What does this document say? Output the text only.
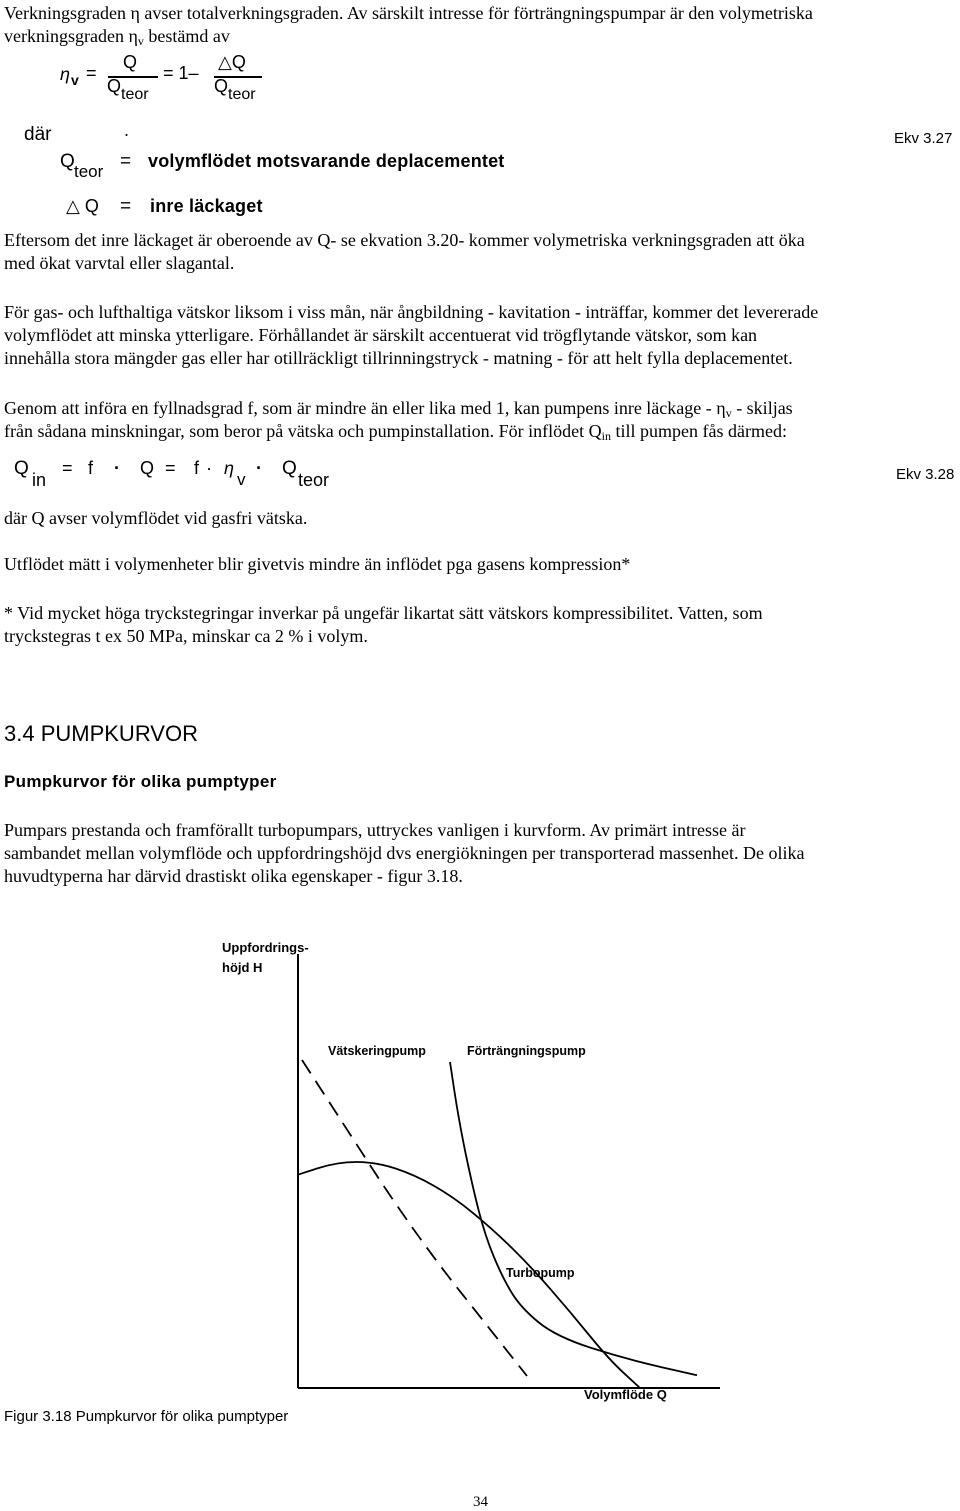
Verkningsgraden η avser totalverkningsgraden. Av särskilt intresse för förträngningspumpar är den volymetriska
verkningsgraden $\eta_v$ bestämd av
η v =
Q
Q teor
= 1–
△Q
Q teor
där	.	Ekv 3.27
Q teor = volymflödet motsvarande deplacementet
△ Q = inre läckaget
Eftersom det inre läckaget är oberoende av Q- se ekvation 3.20- kommer volymetriska verkningsgraden att öka
med ökat varvtal eller slagantal.
För gas- och lufthaltiga vätskor liksom i viss mån, när ångbildning - kavitation - inträffar, kommer det levererade
volymflödet att minska ytterligare. Förhållandet är särskilt accentuerat vid trögflytande vätskor, som kan
innehålla stora mängder gas eller har otillräckligt tillrinningstryck - matning - för att helt fylla deplacementet.
Genom att införa en fyllnadsgrad f, som är mindre än eller lika med 1, kan pumpens inre läckage - $\eta_v$ - skiljas
från sådana minskningar, som beror på vätska och pumpinstallation. För inflödet $Q_{in}$ till pumpen fås därmed:
Q
in
= f · Q = f · η
v
· Q
teor	Ekv 3.28
där Q avser volymflödet vid gasfri vätska.
Utflödet mätt i volymenheter blir givetvis mindre än inflödet pga gasens kompression*
* Vid mycket höga tryckstegringar inverkar på ungefär likartat sätt vätskors kompressibilitet. Vatten, som
tryckstegras t ex 50 MPa, minskar ca 2 % i volym.
3.4 PUMPKURVOR
Pumpkurvor för olika pumptyper
Pumpars prestanda och framförallt turbopumpars, uttryckes vanligen i kurvform. Av primärt intresse är
sambandet mellan volymflöde och uppfordringshöjd dvs energiökningen per transporterad massenhet. De olika
huvudtyperna har därvid drastiskt olika egenskaper - figur 3.18.
Uppfordrings-
höjd H
Volymflöde Q
Vätskeringpump	Förträngningspump
Turbopump
Figur 3.18 Pumpkurvor för olika pumptyper
34
